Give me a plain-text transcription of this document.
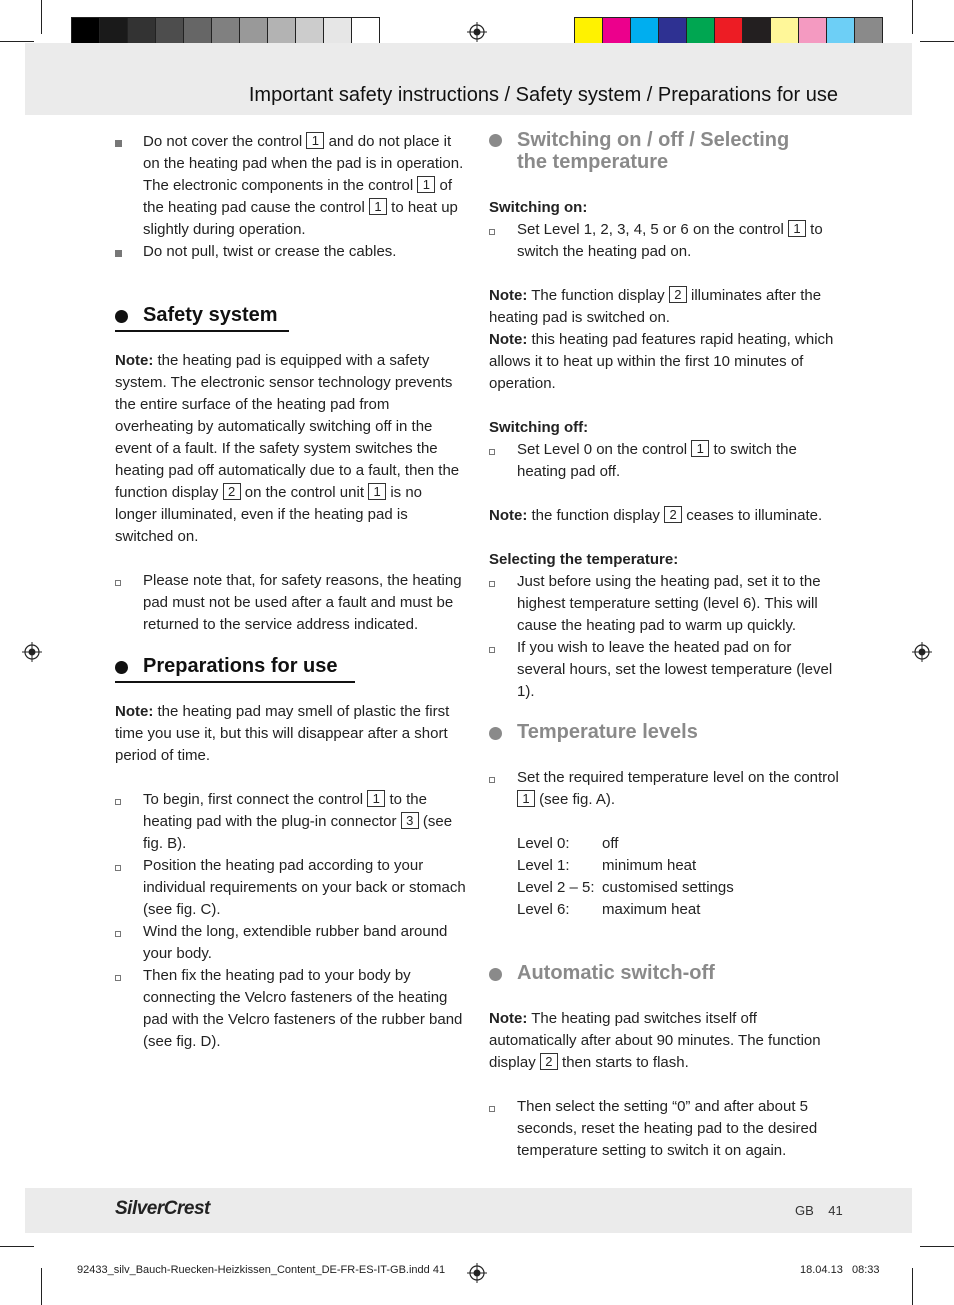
Important safety instructions / Safety system / Preparations for use

Do not cover the control 1 and do not place it on the heating pad when the pad is in operation. The electronic components in the control 1 of the heating pad cause the control 1 to heat up slightly during operation.

Do not pull, twist or crease the cables.

Safety system

Note: the heating pad is equipped with a safety system. The electronic sensor technology prevents the entire surface of the heating pad from overheating by automatically switching off in the event of a fault. If the safety system switches the heating pad off automatically due to a fault, then the function display 2 on the control unit 1 is no longer illuminated, even if the heating pad is switched on.

Please note that, for safety reasons, the heating pad must not be used after a fault and must be returned to the service address indicated.

Preparations for use

Note: the heating pad may smell of plastic the first time you use it, but this will disappear after a short period of time.

To begin, first connect the control 1 to the heating pad with the plug-in connector 3 (see fig. B).

Position the heating pad according to your individual requirements on your back or stomach (see fig. C).

Wind the long, extendible rubber band around your body.

Then fix the heating pad to your body by connecting the Velcro fasteners of the heating pad with the Velcro fasteners of the rubber band (see fig. D).

Switching on / off / Selecting
the temperature

Switching on:

Set Level 1, 2, 3, 4, 5 or 6 on the control 1 to switch the heating pad on.

Note: The function display 2 illuminates after the heating pad is switched on.

Note: this heating pad features rapid heating, which allows it to heat up within the first 10 minutes of operation.

Switching off:

Set Level 0 on the control 1 to switch the heating pad off.

Note: the function display 2 ceases to illuminate.

Selecting the temperature:

Just before using the heating pad, set it to the highest temperature setting (level 6). This will cause the heating pad to warm up quickly.

If you wish to leave the heated pad on for several hours, set the lowest temperature (level 1).

Temperature levels

Set the required temperature level on the control 1 (see fig. A).

Level 0:	off
Level 1:	minimum heat
Level 2 – 5:	customised settings
Level 6:	maximum heat
Automatic switch-off

Note: The heating pad switches itself off automatically after about 90 minutes. The function display 2 then starts to flash.

Then select the setting “0” and after about 5 seconds, reset the heating pad to the desired temperature setting to switch it on again.

SilverCrest	GB 41
92433_silv_Bauch-Ruecken-Heizkissen_Content_DE-FR-ES-IT-GB.indd 41	18.04.13 08:33
